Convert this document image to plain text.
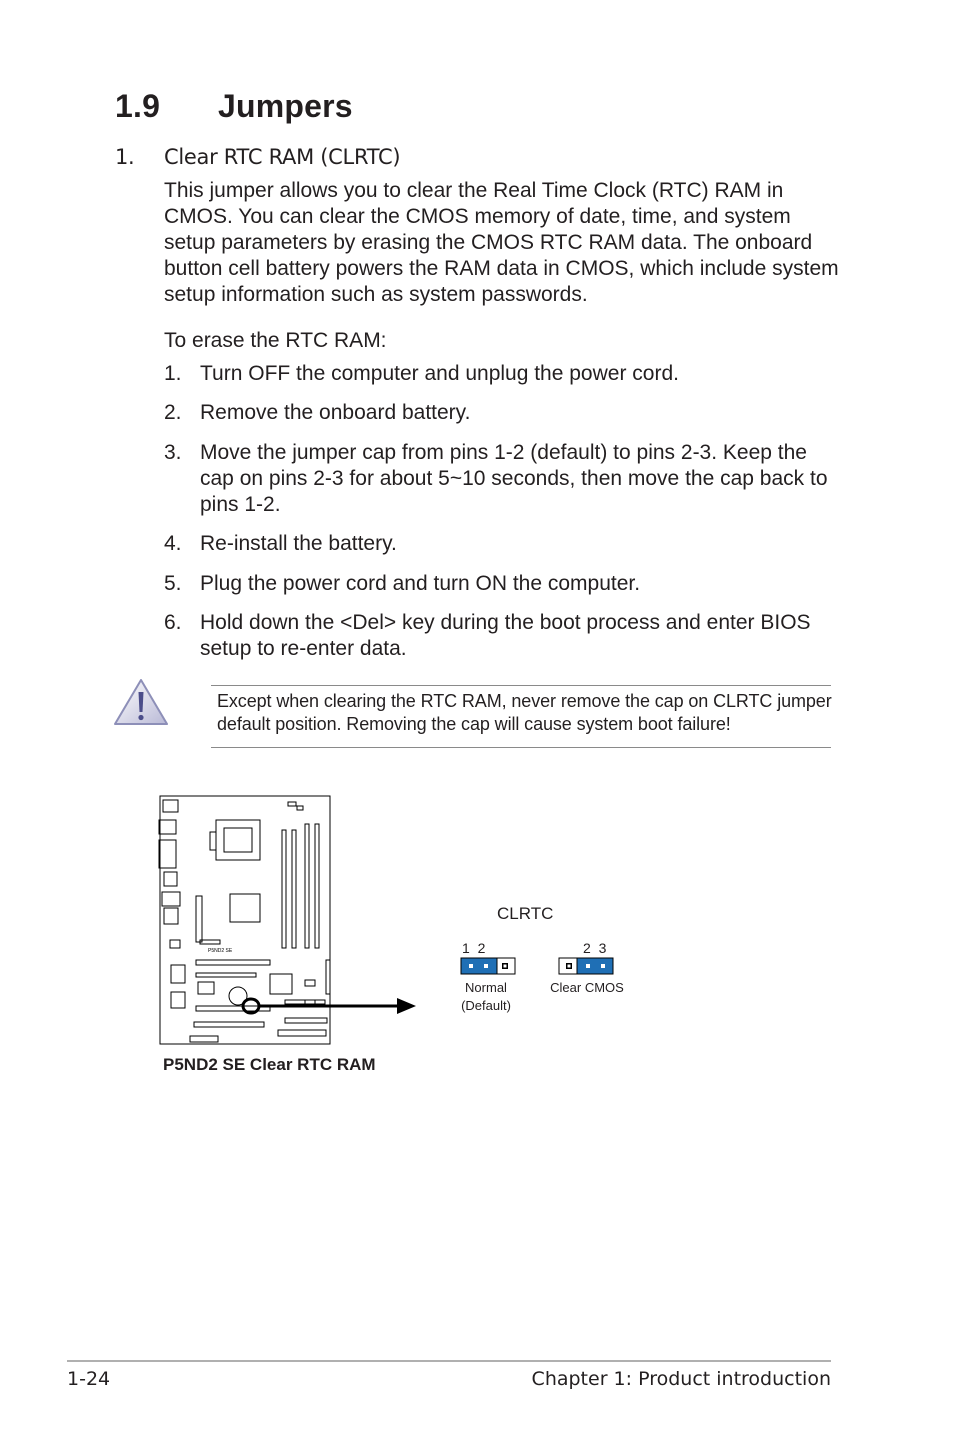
1.9 Jumpers
1. Clear RTC RAM (CLRTC)

This jumper allows you to clear the Real Time Clock (RTC) RAM in CMOS. You can clear the CMOS memory of date, time, and system setup parameters by erasing the CMOS RTC RAM data. The onboard button cell battery powers the RAM data in CMOS, which include system setup information such as system passwords.

To erase the RTC RAM:

1. Turn OFF the computer and unplug the power cord.
2. Remove the onboard battery.
3. Move the jumper cap from pins 1-2 (default) to pins 2-3. Keep the cap on pins 2-3 for about 5~10 seconds, then move the cap back to pins 1-2.
4. Re-install the battery.
5. Plug the power cord and turn ON the computer.
6. Hold down the <Del> key during the boot process and enter BIOS setup to re-enter data.

Except when clearing the RTC RAM, never remove the cap on CLRTC jumper default position. Removing the cap will cause system boot failure!

P5ND2 SE
CLRTC
1  2	2  3
Normal
(Default)
Clear CMOS
P5ND2 SE Clear RTC RAM
1-24	Chapter 1: Product introduction
